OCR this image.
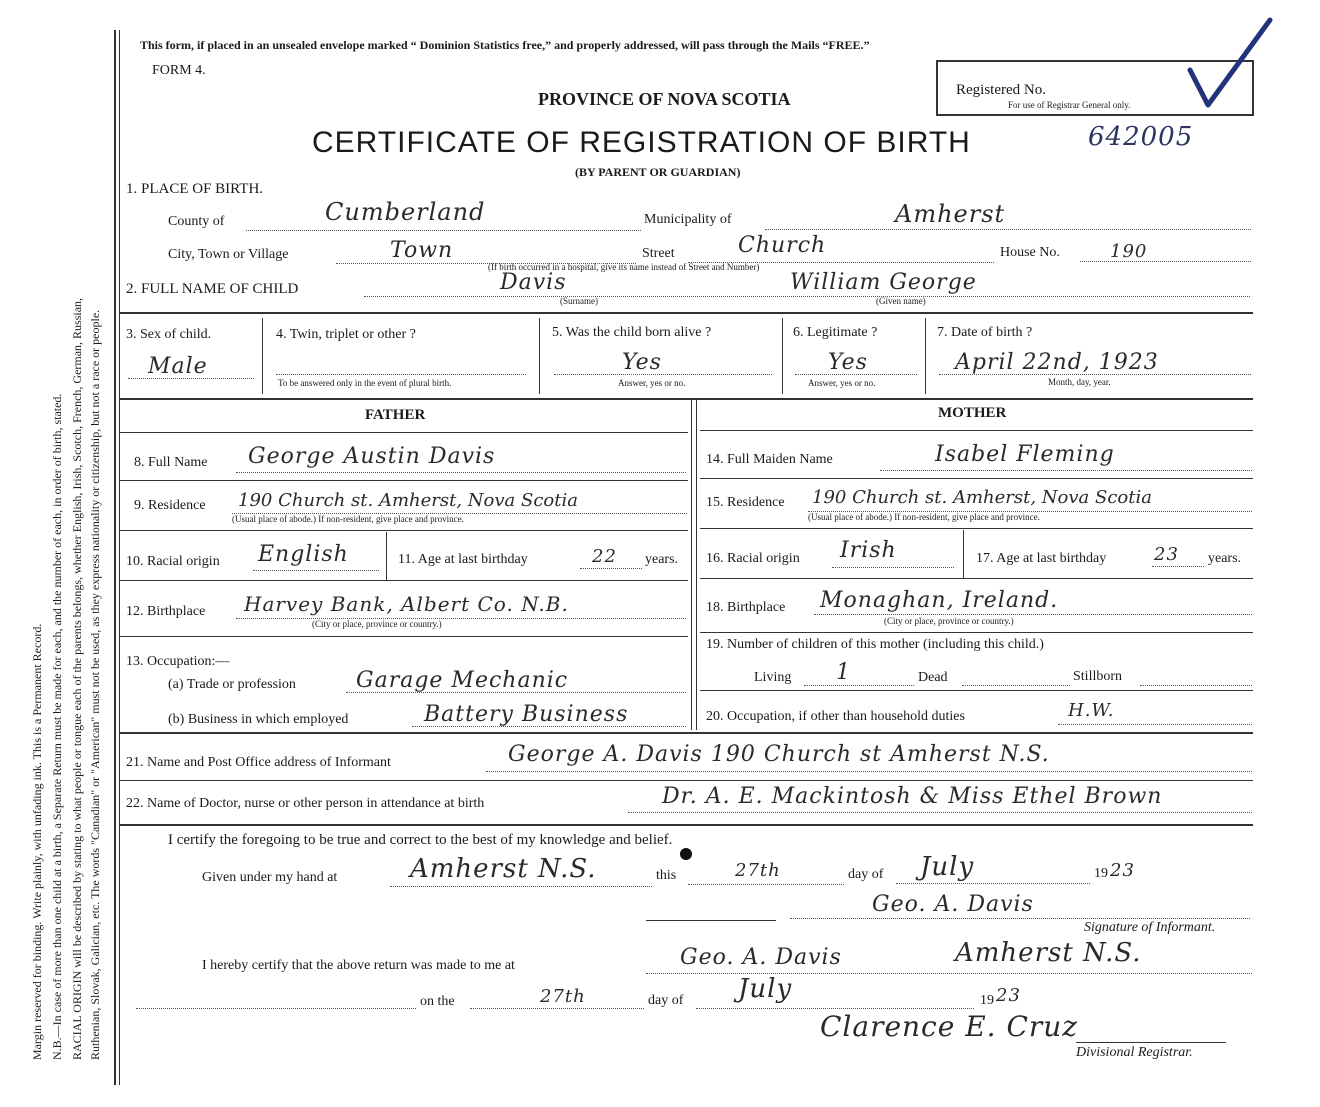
Margin reserved for binding. Write plainly, with unfading ink. This is a Permanent Record. N.B.—In case of more than one child at a birth, a Separate Return must be made for each, and the number of each, in order of birth, stated. RACIAL ORIGIN will be described by stating to what people or tongue each of the parents belongs, whether English, Irish, Scotch, French, German, Russian, Ruthenian, Slovak, Galician, etc. The words "Canadian" or "American" must not be used, as they express nationality or citizenship, but not a race or people.
This form, if placed in an unsealed envelope marked “ Dominion Statistics free,” and properly addressed, will pass through the Mails “FREE.”
FORM 4.
PROVINCE OF NOVA SCOTIA
CERTIFICATE OF REGISTRATION OF BIRTH
(BY PARENT OR GUARDIAN)
642005
Registered No.
For use of Registrar General only.
1. PLACE OF BIRTH.
County of	Cumberland	Municipality of	Amherst
City, Town or Village	Town	Street	Church	House No.	190
(If birth occurred in a hospital, give its name instead of Street and Number)
2. FULL NAME OF CHILD	Davis
(Surname)
William George
(Given name)
3. Sex of child.
Male
4. Twin, triplet or other ?
To be answered only in the event of plural birth.
5. Was the child born alive ?
Yes
Answer, yes or no.
6. Legitimate ?
Yes
Answer, yes or no.
7. Date of birth ?
April 22nd, 1923
Month, day, year.
FATHER	MOTHER
8. Full Name George Austin Davis
9. Residence 190 Church st. Amherst, Nova Scotia
(Usual place of abode.) If non-resident, give place and province.
10. Racial origin English	11. Age at last birthday	22 years.
12. Birthplace Harvey Bank, Albert Co. N.B.
(City or place, province or country.)
13. Occupation:—
(a) Trade or profession	Garage Mechanic
(b) Business in which employed	Battery Business
14. Full Maiden Name	Isabel Fleming
15. Residence 190 Church st. Amherst, Nova Scotia
(Usual place of abode.) If non-resident, give place and province.
16. Racial origin Irish	17. Age at last birthday	23 years.
18. Birthplace Monaghan, Ireland.
(City or place, province or country.)
19. Number of children of this mother (including this child.)
Living 1	Dead	Stillborn
20. Occupation, if other than household duties	H.W.
21. Name and Post Office address of Informant	George A. Davis 190 Church st Amherst N.S.
22. Name of Doctor, nurse or other person in attendance at birth	Dr. A. E. Mackintosh & Miss Ethel Brown
I certify the foregoing to be true and correct to the best of my knowledge and belief.
Given under my hand at	Amherst N.S.	this	27th	day of July	19 23
Geo. A. Davis
Signature of Informant.
I hereby certify that the above return was made to me at	Geo. A. Davis	Amherst N.S.
on the	27th	day of July	19 23
Clarence E. Cruz
Divisional Registrar.
